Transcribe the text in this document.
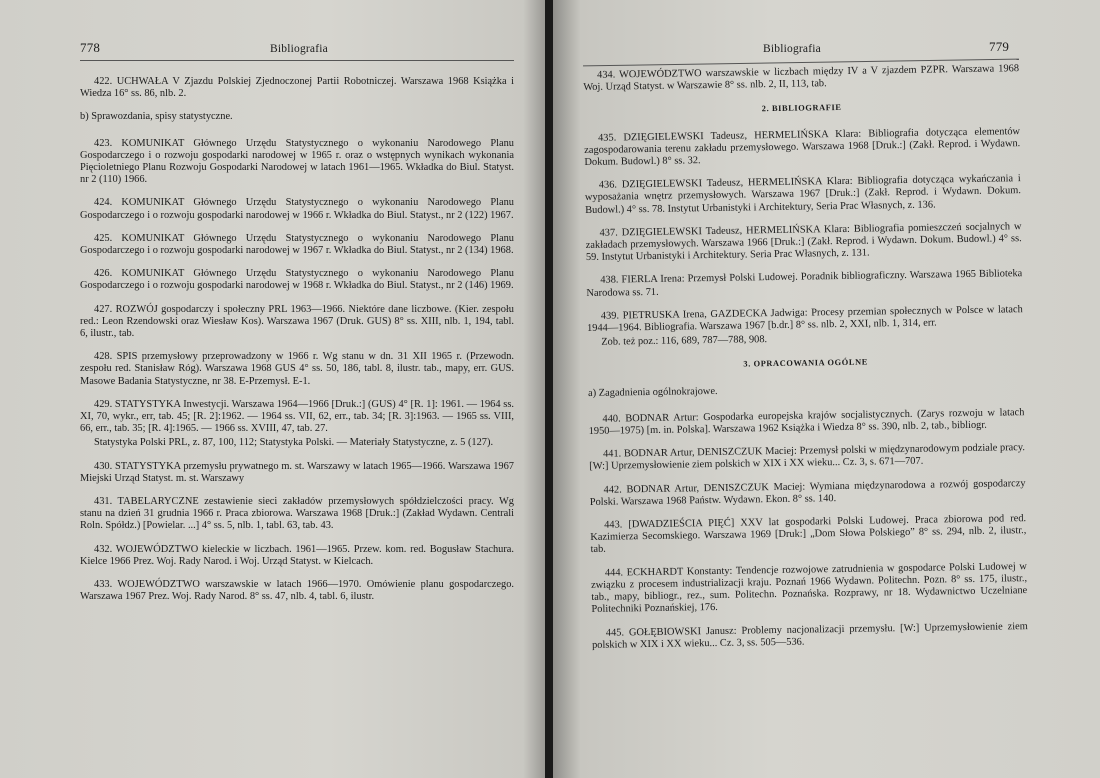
778	Bibliografia

422. UCHWAŁA V Zjazdu Polskiej Zjednoczonej Partii Robotniczej. Warszawa 1968 Książka i Wiedza 16° ss. 86, nlb. 2.

b) Sprawozdania, spisy statystyczne.

423. KOMUNIKAT Głównego Urzędu Statystycznego o wykonaniu Narodowego Planu Gospodarczego i o rozwoju gospodarki narodowej w 1965 r. oraz o wstępnych wynikach wykonania Pięcioletniego Planu Rozwoju Gospodarki Narodowej w latach 1961—1965. Wkładka do Biul. Statyst. nr 2 (110) 1966.

424. KOMUNIKAT Głównego Urzędu Statystycznego o wykonaniu Narodowego Planu Gospodarczego i o rozwoju gospodarki narodowej w 1966 r. Wkładka do Biul. Statyst., nr 2 (122) 1967.

425. KOMUNIKAT Głównego Urzędu Statystycznego o wykonaniu Narodowego Planu Gospodarczego i o rozwoju gospodarki narodowej w 1967 r. Wkładka do Biul. Statyst., nr 2 (134) 1968.

426. KOMUNIKAT Głównego Urzędu Statystycznego o wykonaniu Narodowego Planu Gospodarczego i o rozwoju gospodarki narodowej w 1968 r. Wkładka do Biul. Statyst., nr 2 (146) 1969.

427. ROZWÓJ gospodarczy i społeczny PRL 1963—1966. Niektóre dane liczbowe. (Kier. zespołu red.: Leon Rzendowski oraz Wiesław Kos). Warszawa 1967 (Druk. GUS) 8° ss. XIII, nlb. 1, 194, tabl. 6, ilustr., tab.

428. SPIS przemysłowy przeprowadzony w 1966 r. Wg stanu w dn. 31 XII 1965 r. (Przewodn. zespołu red. Stanisław Róg). Warszawa 1968 GUS 4° ss. 50, 186, tabl. 8, ilustr. tab., mapy, err. GUS. Masowe Badania Statystyczne, nr 38. E-Przemysł. E-1.

429. STATYSTYKA Inwestycji. Warszawa 1964—1966 [Druk.:] (GUS) 4° [R. 1]: 1961. — 1964 ss. XI, 70, wykr., err, tab. 45; [R. 2]:1962. — 1964 ss. VII, 62, err., tab. 34; [R. 3]:1963. — 1965 ss. VIII, 66, err., tab. 35; [R. 4]:1965. — 1966 ss. XVIII, 47, tab. 27.

Statystyka Polski PRL, z. 87, 100, 112; Statystyka Polski. — Materiały Statystyczne, z. 5 (127).

430. STATYSTYKA przemysłu prywatnego m. st. Warszawy w latach 1965—1966. Warszawa 1967 Miejski Urząd Statyst. m. st. Warszawy

431. TABELARYCZNE zestawienie sieci zakładów przemysłowych spółdzielczości pracy. Wg stanu na dzień 31 grudnia 1966 r. Praca zbiorowa. Warszawa 1968 [Druk.:] (Zakład Wydawn. Centrali Roln. Spółdz.) [Powielar. ...] 4° ss. 5, nlb. 1, tabl. 63, tab. 43.

432. WOJEWÓDZTWO kieleckie w liczbach. 1961—1965. Przew. kom. red. Bogusław Stachura. Kielce 1966 Prez. Woj. Rady Narod. i Woj. Urząd Statyst. w Kielcach.

433. WOJEWÓDZTWO warszawskie w latach 1966—1970. Omówienie planu gospodarczego. Warszawa 1967 Prez. Woj. Rady Narod. 8° ss. 47, nlb. 4, tabl. 6, ilustr.

Bibliografia	779

434. WOJEWÓDZTWO warszawskie w liczbach między IV a V zjazdem PZPR. Warszawa 1968 Woj. Urząd Statyst. w Warszawie 8° ss. nlb. 2, II, 113, tab.

2. BIBLIOGRAFIE

435. DZIĘGIELEWSKI Tadeusz, HERMELIŃSKA Klara: Bibliografia dotycząca elementów zagospodarowania terenu zakładu przemysłowego. Warszawa 1968 [Druk.:] (Zakł. Reprod. i Wydawn. Dokum. Budowl.) 8° ss. 32.

436. DZIĘGIELEWSKI Tadeusz, HERMELIŃSKA Klara: Bibliografia dotycząca wykańczania i wyposażania wnętrz przemysłowych. Warszawa 1967 [Druk.:] (Zakł. Reprod. i Wydawn. Dokum. Budowl.) 4° ss. 78. Instytut Urbanistyki i Architektury, Seria Prac Własnych, z. 136.

437. DZIĘGIELEWSKI Tadeusz, HERMELIŃSKA Klara: Bibliografia pomieszczeń socjalnych w zakładach przemysłowych. Warszawa 1966 [Druk.:] (Zakł. Reprod. i Wydawn. Dokum. Budowl.) 4° ss. 59. Instytut Urbanistyki i Architektury. Seria Prac Własnych, z. 131.

438. FIERLA Irena: Przemysł Polski Ludowej. Poradnik bibliograficzny. Warszawa 1965 Biblioteka Narodowa ss. 71.

439. PIETRUSKA Irena, GAZDECKA Jadwiga: Procesy przemian społecznych w Polsce w latach 1944—1964. Bibliografia. Warszawa 1967 [b.dr.] 8° ss. nlb. 2, XXI, nlb. 1, 314, err.

Zob. też poz.: 116, 689, 787—788, 908.

3. OPRACOWANIA OGÓLNE

a) Zagadnienia ogólnokrajowe.

440. BODNAR Artur: Gospodarka europejska krajów socjalistycznych. (Zarys rozwoju w latach 1950—1975) [m. in. Polska]. Warszawa 1962 Książka i Wiedza 8° ss. 390, nlb. 2, tab., bibliogr.

441. BODNAR Artur, DENISZCZUK Maciej: Przemysł polski w międzynarodowym podziale pracy. [W:] Uprzemysłowienie ziem polskich w XIX i XX wieku... Cz. 3, s. 671—707.

442. BODNAR Artur, DENISZCZUK Maciej: Wymiana międzynarodowa a rozwój gospodarczy Polski. Warszawa 1968 Państw. Wydawn. Ekon. 8° ss. 140.

443. [DWADZIEŚCIA PIĘĆ] XXV lat gospodarki Polski Ludowej. Praca zbiorowa pod red. Kazimierza Secomskiego. Warszawa 1969 [Druk:] „Dom Słowa Polskiego” 8° ss. 294, nlb. 2, ilustr., tab.

444. ECKHARDT Konstanty: Tendencje rozwojowe zatrudnienia w gospodarce Polski Ludowej w związku z procesem industrializacji kraju. Poznań 1966 Wydawn. Politechn. Pozn. 8° ss. 175, ilustr., tab., mapy, bibliogr., rez., sum. Politechn. Poznańska. Rozprawy, nr 18. Wydawnictwo Uczelniane Politechniki Poznańskiej, 176.

445. GOŁĘBIOWSKI Janusz: Problemy nacjonalizacji przemysłu. [W:] Uprzemysłowienie ziem polskich w XIX i XX wieku... Cz. 3, ss. 505—536.
